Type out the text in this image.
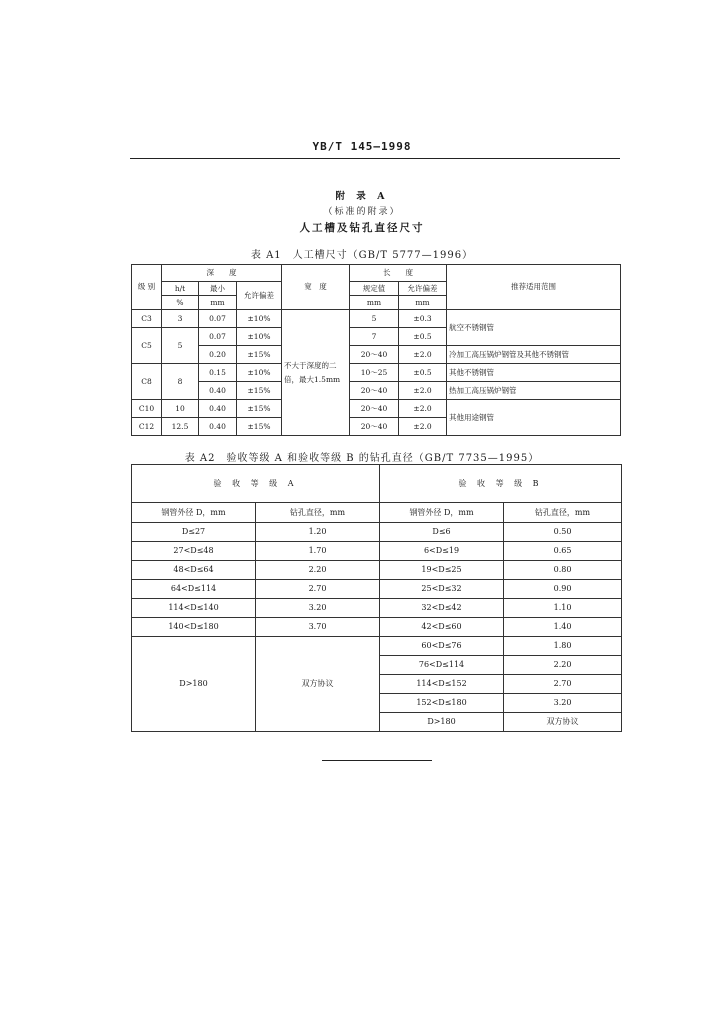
YB/T 145—1998
附 录 A
（标准的附录）
人工槽及钻孔直径尺寸
表 A1　人工槽尺寸（GB/T 5777—1996）
级 别	深　　度			宽　度	长　　度		推荐适用范围
	h/t	最小	允许偏差		规定值	允许偏差	
	%	mm			mm	mm	
C3	3	0.07	±10%	不大于深度的二倍，最大1.5mm	5	±0.3	航空不锈钢管
C5	5	0.07	±10%		7	±0.5	
		0.20	±15%		20～40	±2.0	冷加工高压锅炉钢管及其他不锈钢管
C8	8	0.15	±10%		10～25	±0.5	其他不锈钢管
		0.40	±15%		20～40	±2.0	热加工高压锅炉钢管
C10	10	0.40	±15%		20～40	±2.0	其他用途钢管
C12	12.5	0.40	±15%		20～40	±2.0	
表 A2　验收等级 A 和验收等级 B 的钻孔直径（GB/T 7735—1995）
验 收 等 级 A		验 收 等 级 B	
钢管外径 D，mm	钻孔直径，mm	钢管外径 D，mm	钻孔直径，mm
D≤27	1.20	D≤6	0.50
27<D≤48	1.70	6<D≤19	0.65
48<D≤64	2.20	19<D≤25	0.80
64<D≤114	2.70	25<D≤32	0.90
114<D≤140	3.20	32<D≤42	1.10
140<D≤180	3.70	42<D≤60	1.40
D>180	双方协议	60<D≤76	1.80
		76<D≤114	2.20
		114<D≤152	2.70
		152<D≤180	3.20
		D>180	双方协议
